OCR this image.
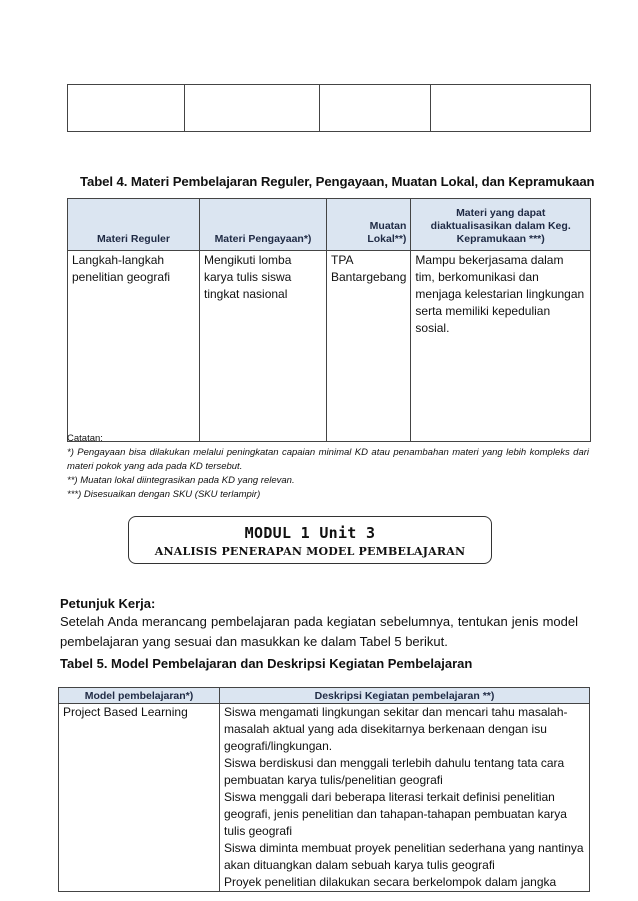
Tabel 4. Materi Pembelajaran Reguler, Pengayaan, Muatan Lokal, dan Kepramukaan
Materi Reguler	Materi Pengayaan*)	Muatan Lokal**)	Materi yang dapat diaktualisasikan dalam Keg. Kepramukaan ***)
Langkah-langkah penelitian geografi	Mengikuti lomba karya tulis siswa tingkat nasional	TPA Bantargebang	Mampu bekerjasama dalam tim, berkomunikasi dan menjaga kelestarian lingkungan serta memiliki kepedulian sosial.
Catatan:
*) Pengayaan bisa dilakukan melalui peningkatan capaian minimal KD atau penambahan materi yang lebih kompleks dari materi pokok yang ada pada KD tersebut.
**) Muatan lokal diintegrasikan pada KD yang relevan.
***) Disesuaikan dengan SKU (SKU terlampir)
MODUL 1 Unit 3
ANALISIS PENERAPAN MODEL PEMBELAJARAN
Petunjuk Kerja:
Setelah Anda merancang pembelajaran pada kegiatan sebelumnya, tentukan jenis model pembelajaran yang sesuai dan masukkan ke dalam Tabel 5 berikut.
Tabel 5. Model Pembelajaran dan Deskripsi Kegiatan Pembelajaran
Model pembelajaran*)	Deskripsi Kegiatan pembelajaran **)
Project Based Learning	Siswa mengamati lingkungan sekitar dan mencari tahu masalah-masalah aktual yang ada disekitarnya berkenaan dengan isu geografi/lingkungan.
Siswa berdiskusi dan menggali terlebih dahulu tentang tata cara pembuatan karya tulis/penelitian geografi
Siswa menggali dari beberapa literasi terkait definisi penelitian geografi, jenis penelitian dan tahapan-tahapan pembuatan karya tulis geografi
Siswa diminta membuat proyek penelitian sederhana yang nantinya akan dituangkan dalam sebuah karya tulis geografi
Proyek penelitian dilakukan secara berkelompok dalam jangka
